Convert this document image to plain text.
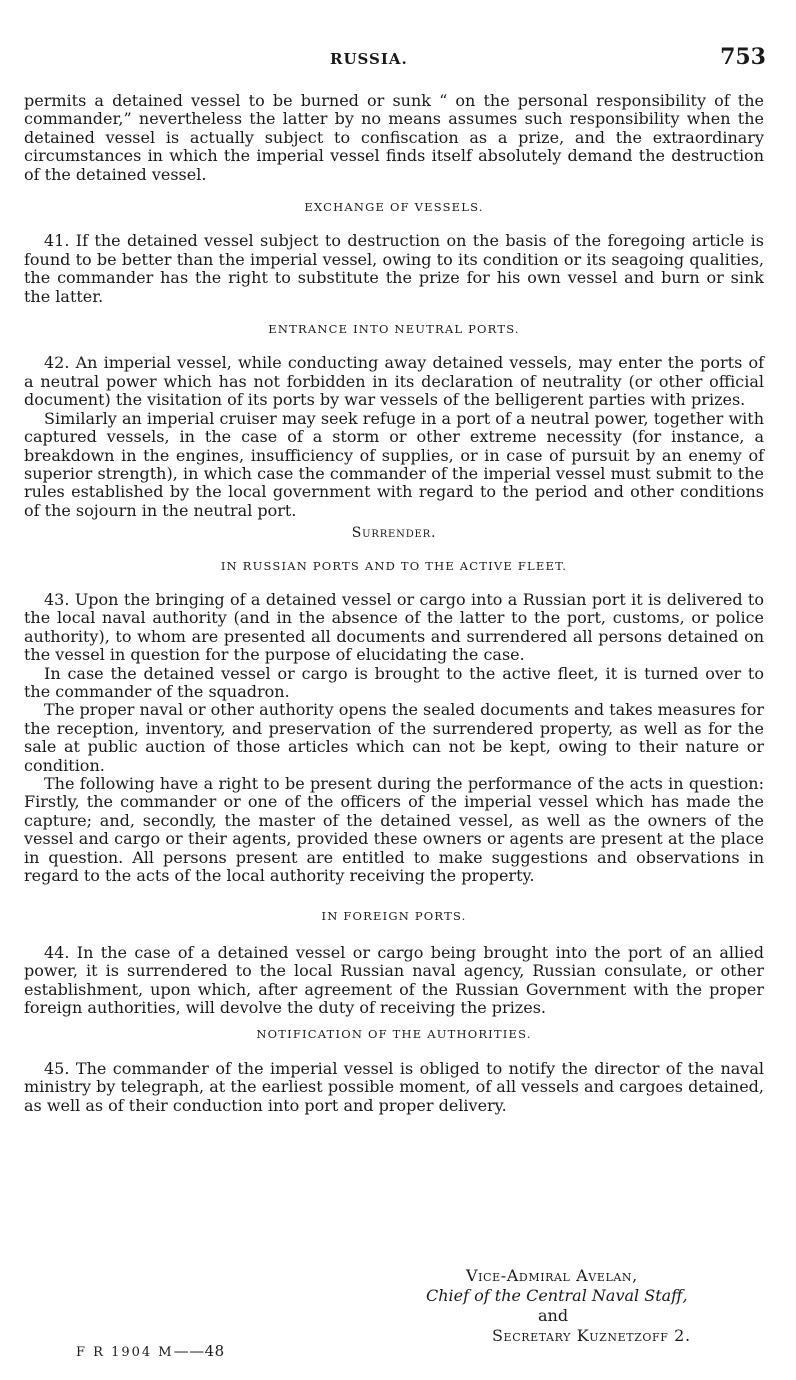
RUSSIA.	753

permits a detained vessel to be burned or sunk “ on the personal responsibility of the commander,” nevertheless the latter by no means assumes such responsibility when the detained vessel is actually subject to confiscation as a prize, and the extraordinary circumstances in which the imperial vessel finds itself absolutely demand the destruction of the detained vessel.

EXCHANGE OF VESSELS.

41. If the detained vessel subject to destruction on the basis of the foregoing article is found to be better than the imperial vessel, owing to its condition or its seagoing qualities, the commander has the right to substitute the prize for his own vessel and burn or sink the latter.

ENTRANCE INTO NEUTRAL PORTS.

42. An imperial vessel, while conducting away detained vessels, may enter the ports of a neutral power which has not forbidden in its declaration of neutrality (or other official document) the visitation of its ports by war vessels of the belligerent parties with prizes.

Similarly an imperial cruiser may seek refuge in a port of a neutral power, together with captured vessels, in the case of a storm or other extreme necessity (for instance, a breakdown in the engines, insufficiency of supplies, or in case of pursuit by an enemy of superior strength), in which case the commander of the imperial vessel must submit to the rules established by the local government with regard to the period and other conditions of the sojourn in the neutral port.

Surrender.
IN RUSSIAN PORTS AND TO THE ACTIVE FLEET.

43. Upon the bringing of a detained vessel or cargo into a Russian port it is delivered to the local naval authority (and in the absence of the latter to the port, customs, or police authority), to whom are presented all documents and surrendered all persons detained on the vessel in question for the purpose of elucidating the case.

In case the detained vessel or cargo is brought to the active fleet, it is turned over to the commander of the squadron.

The proper naval or other authority opens the sealed documents and takes measures for the reception, inventory, and preservation of the surrendered property, as well as for the sale at public auction of those articles which can not be kept, owing to their nature or condition.

The following have a right to be present during the performance of the acts in question: Firstly, the commander or one of the officers of the imperial vessel which has made the capture; and, secondly, the master of the detained vessel, as well as the owners of the vessel and cargo or their agents, provided these owners or agents are present at the place in question. All persons present are entitled to make suggestions and observations in regard to the acts of the local authority receiving the property.

IN FOREIGN PORTS.

44. In the case of a detained vessel or cargo being brought into the port of an allied power, it is surrendered to the local Russian naval agency, Russian consulate, or other establishment, upon which, after agreement of the Russian Government with the proper foreign authorities, will devolve the duty of receiving the prizes.

NOTIFICATION OF THE AUTHORITIES.

45. The commander of the imperial vessel is obliged to notify the director of the naval ministry by telegraph, at the earliest possible moment, of all vessels and cargoes detained, as well as of their conduction into port and proper delivery.

Vice-Admiral Avelan,
Chief of the Central Naval Staff,
and
Secretary Kuznetzoff 2.
F R 1904 M——48
